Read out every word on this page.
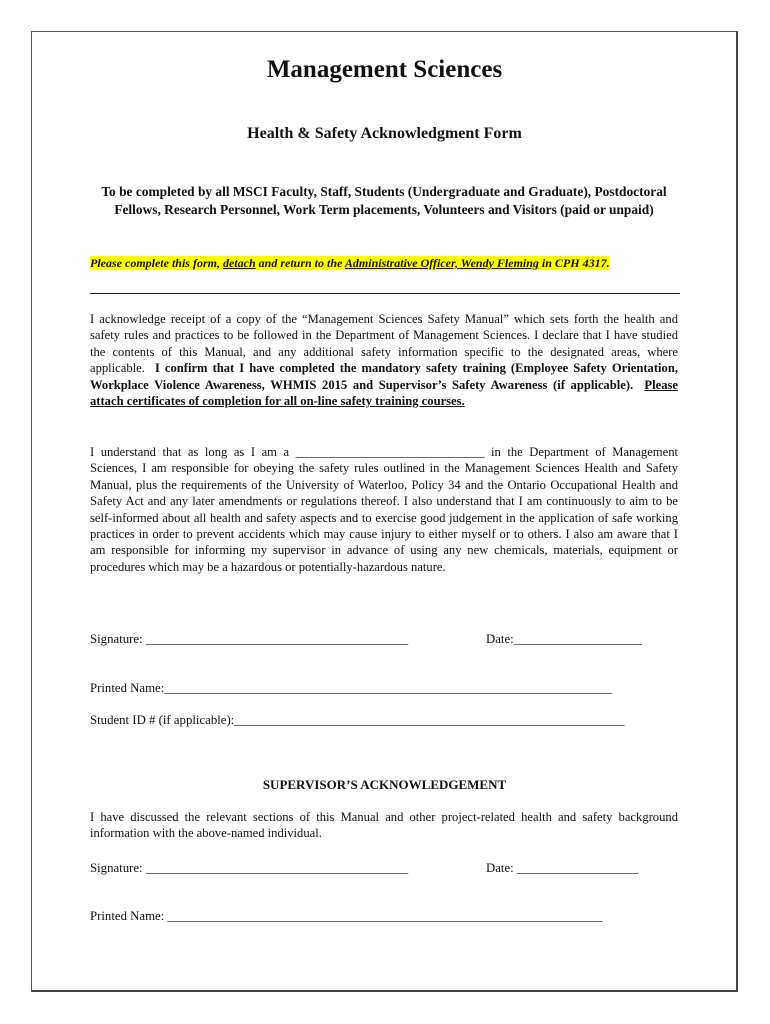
Management Sciences
Health & Safety Acknowledgment Form
To be completed by all MSCI Faculty, Staff, Students (Undergraduate and Graduate), Postdoctoral Fellows, Research Personnel, Work Term placements, Volunteers and Visitors (paid or unpaid)
Please complete this form, detach and return to the Administrative Officer, Wendy Fleming in CPH 4317.
I acknowledge receipt of a copy of the “Management Sciences Safety Manual” which sets forth the health and safety rules and practices to be followed in the Department of Management Sciences. I declare that I have studied the contents of this Manual, and any additional safety information specific to the designated areas, where applicable. I confirm that I have completed the mandatory safety training (Employee Safety Orientation, Workplace Violence Awareness, WHMIS 2015 and Supervisor’s Safety Awareness (if applicable). Please attach certificates of completion for all on-line safety training courses.
I understand that as long as I am a ______________________________ in the Department of Management Sciences, I am responsible for obeying the safety rules outlined in the Management Sciences Health and Safety Manual, plus the requirements of the University of Waterloo, Policy 34 and the Ontario Occupational Health and Safety Act and any later amendments or regulations thereof. I also understand that I am continuously to aim to be self-informed about all health and safety aspects and to exercise good judgement in the application of safe working practices in order to prevent accidents which may cause injury to either myself or to others. I also am aware that I am responsible for informing my supervisor in advance of using any new chemicals, materials, equipment or procedures which may be a hazardous or potentially-hazardous nature.
Signature: _________________________________________	Date:____________________
Printed Name:______________________________________________________________________
Student ID # (if applicable):_____________________________________________________________
SUPERVISOR’S ACKNOWLEDGEMENT
I have discussed the relevant sections of this Manual and other project-related health and safety background information with the above-named individual.
Signature: _________________________________________	Date: ___________________
Printed Name: ____________________________________________________________________
